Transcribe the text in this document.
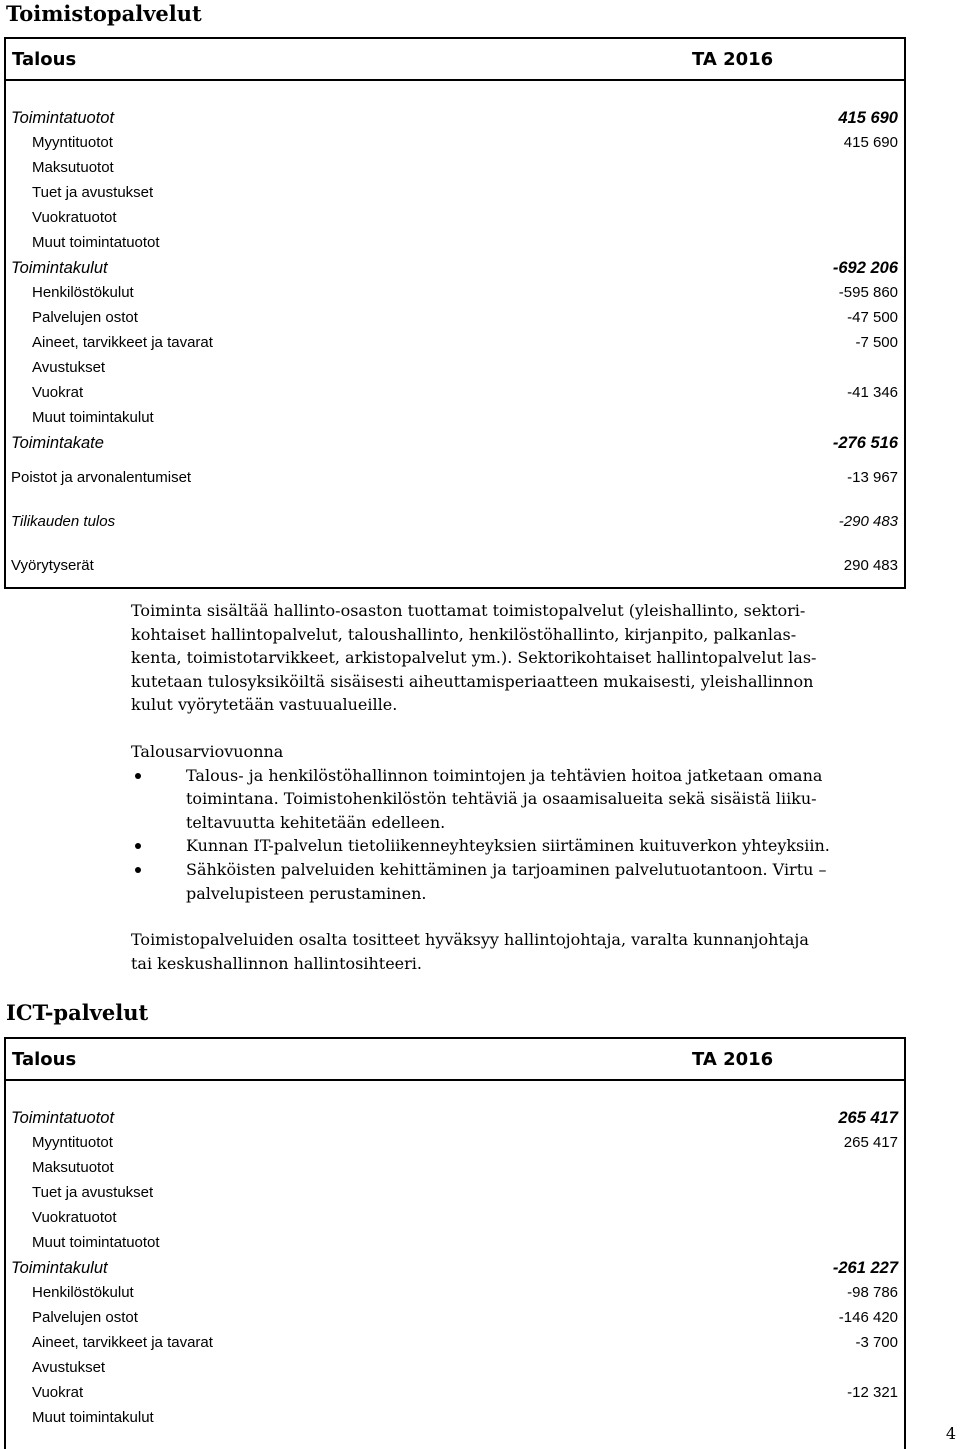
Toimistopalvelut
Talous	TA 2016
Toimintatuotot	415 690
Myyntituotot	415 690
Maksutuotot
Tuet ja avustukset
Vuokratuotot
Muut toimintatuotot
Toimintakulut	-692 206
Henkilöstökulut	-595 860
Palvelujen ostot	-47 500
Aineet, tarvikkeet ja tavarat	-7 500
Avustukset
Vuokrat	-41 346
Muut toimintakulut
Toimintakate	-276 516
Poistot ja arvonalentumiset	-13 967
Tilikauden tulos	-290 483
Vyörytyserät	290 483

Toiminta sisältää hallinto-osaston tuottamat toimistopalvelut (yleishallinto, sektori-
kohtaiset hallintopalvelut, taloushallinto, henkilöstöhallinto, kirjanpito, palkanlas-
kenta, toimistotarvikkeet, arkistopalvelut ym.). Sektorikohtaiset hallintopalvelut las-
kutetaan tulosyksiköiltä sisäisesti aiheuttamisperiaatteen mukaisesti, yleishallinnon
kulut vyörytetään vastuualueille.

Talousarviovuonna

Talous- ja henkilöstöhallinnon toimintojen ja tehtävien hoitoa jatketaan omana
toimintana. Toimistohenkilöstön tehtäviä ja osaamisalueita sekä sisäistä liiku-
teltavuutta kehitetään edelleen.
Kunnan IT-palvelun tietoliikenneyhteyksien siirtäminen kuituverkon yhteyksiin.
Sähköisten palveluiden kehittäminen ja tarjoaminen palvelutuotantoon. Virtu –
palvelupisteen perustaminen.

Toimistopalveluiden osalta tositteet hyväksyy hallintojohtaja, varalta kunnanjohtaja
tai keskushallinnon hallintosihteeri.

ICT-palvelut
Talous	TA 2016
Toimintatuotot	265 417
Myyntituotot	265 417
Maksutuotot
Tuet ja avustukset
Vuokratuotot
Muut toimintatuotot
Toimintakulut	-261 227
Henkilöstökulut	-98 786
Palvelujen ostot	-146 420
Aineet, tarvikkeet ja tavarat	-3 700
Avustukset
Vuokrat	-12 321
Muut toimintakulut
4
